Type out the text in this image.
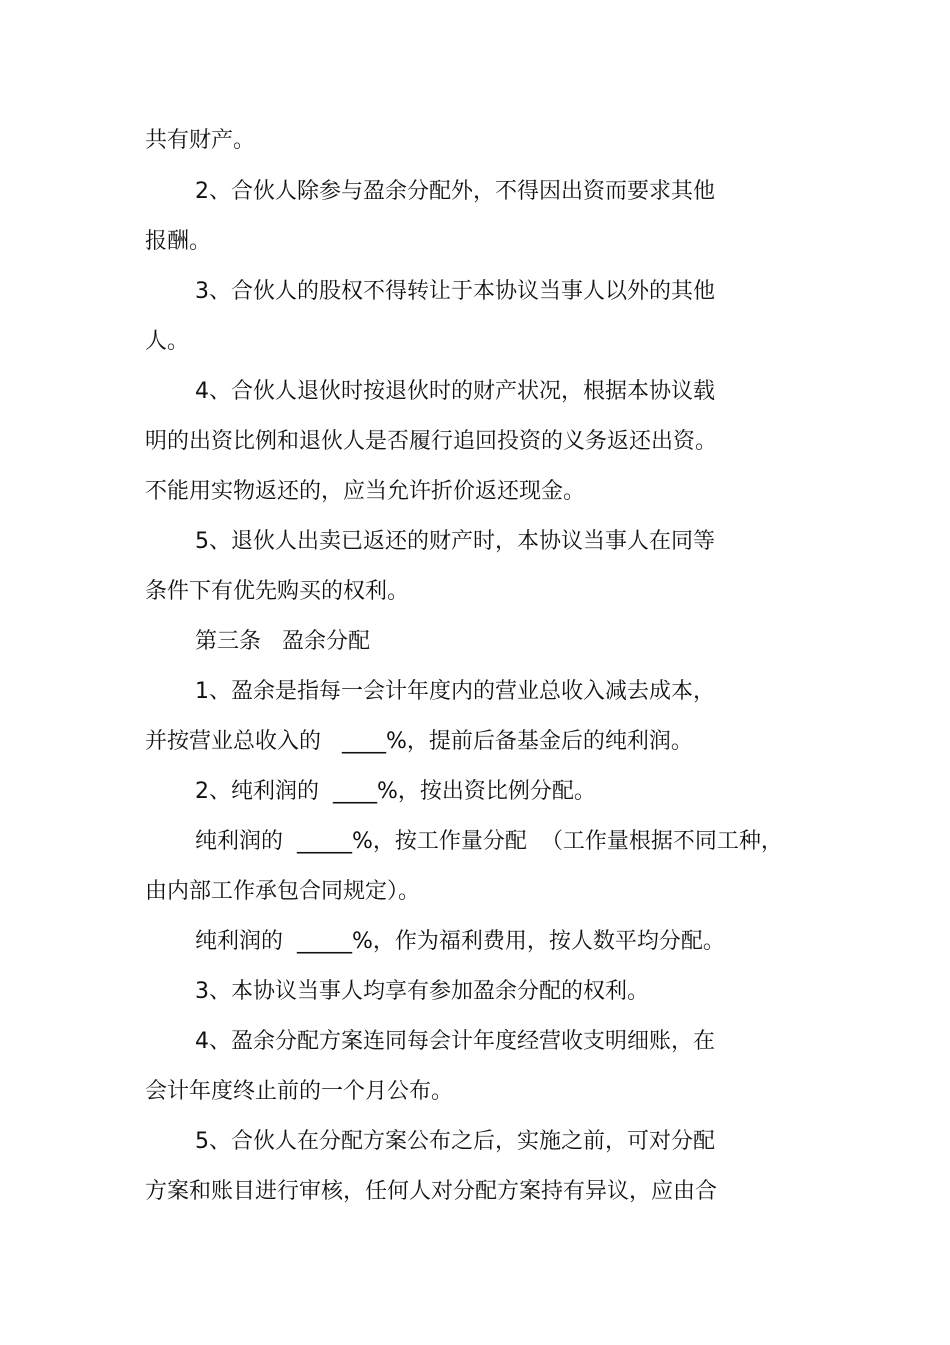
共有财产。
2、合伙人除参与盈余分配外，不得因出资而要求其他
报酬。
3、合伙人的股权不得转让于本协议当事人以外的其他
人。
4、合伙人退伙时按退伙时的财产状况，根据本协议载
明的出资比例和退伙人是否履行追回投资的义务返还出资。
不能用实物返还的，应当允许折价返还现金。
5、退伙人出卖已返还的财产时，本协议当事人在同等
条件下有优先购买的权利。
第三条   盈余分配
1、盈余是指每一会计年度内的营业总收入减去成本，
并按营业总收入的   ____%，提前后备基金后的纯利润。
2、纯利润的  ____%，按出资比例分配。
纯利润的  _____%，按工作量分配  （工作量根据不同工种，
由内部工作承包合同规定）。
纯利润的  _____%，作为福利费用，按人数平均分配。
3、本协议当事人均享有参加盈余分配的权利。
4、盈余分配方案连同每会计年度经营收支明细账，在
会计年度终止前的一个月公布。
5、合伙人在分配方案公布之后，实施之前，可对分配
方案和账目进行审核，任何人对分配方案持有异议，应由合
